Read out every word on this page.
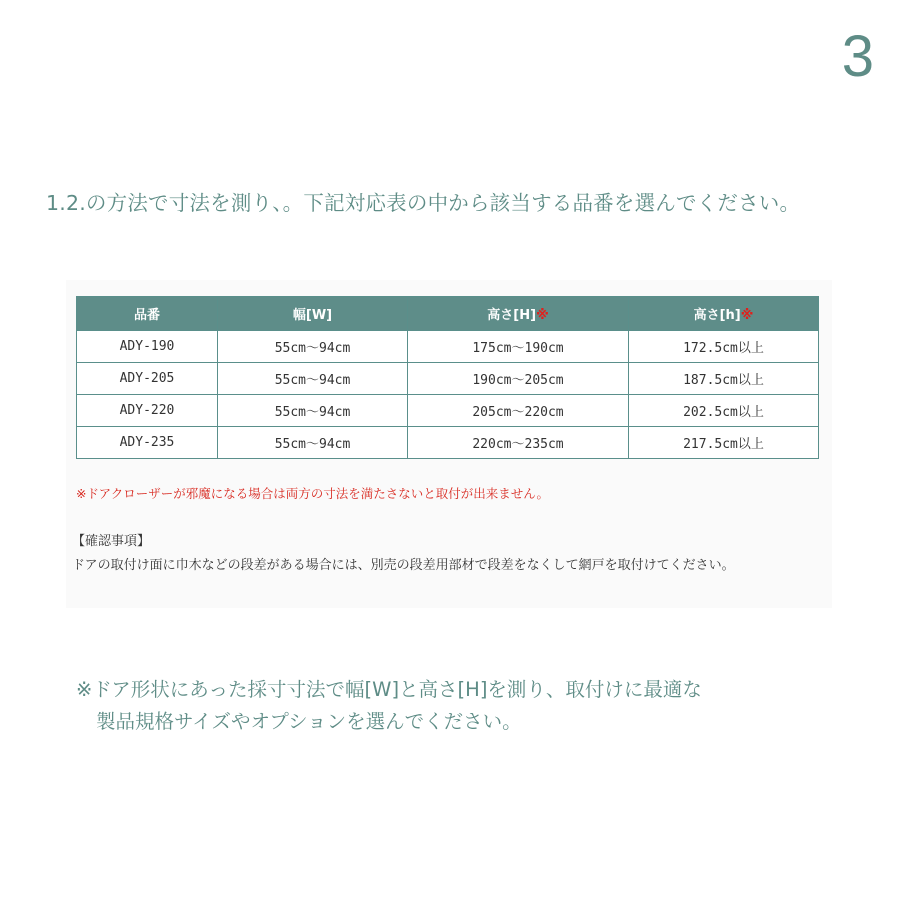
3
1.2.の方法で寸法を測り、。下記対応表の中から該当する品番を選んでください。
品番	幅[W]	高さ[H]※	高さ[h]※
ADY-190	55cm〜94cm	175cm〜190cm	172.5cm以上
ADY-205	55cm〜94cm	190cm〜205cm	187.5cm以上
ADY-220	55cm〜94cm	205cm〜220cm	202.5cm以上
ADY-235	55cm〜94cm	220cm〜235cm	217.5cm以上
※ドアクローザーが邪魔になる場合は両方の寸法を満たさないと取付が出来ません。
【確認事項】
ドアの取付け面に巾木などの段差がある場合には、別売の段差用部材で段差をなくして網戸を取付けてください。
※ドア形状にあった採寸寸法で幅[W]と高さ[H]を測り、取付けに最適な
製品規格サイズやオプションを選んでください。
